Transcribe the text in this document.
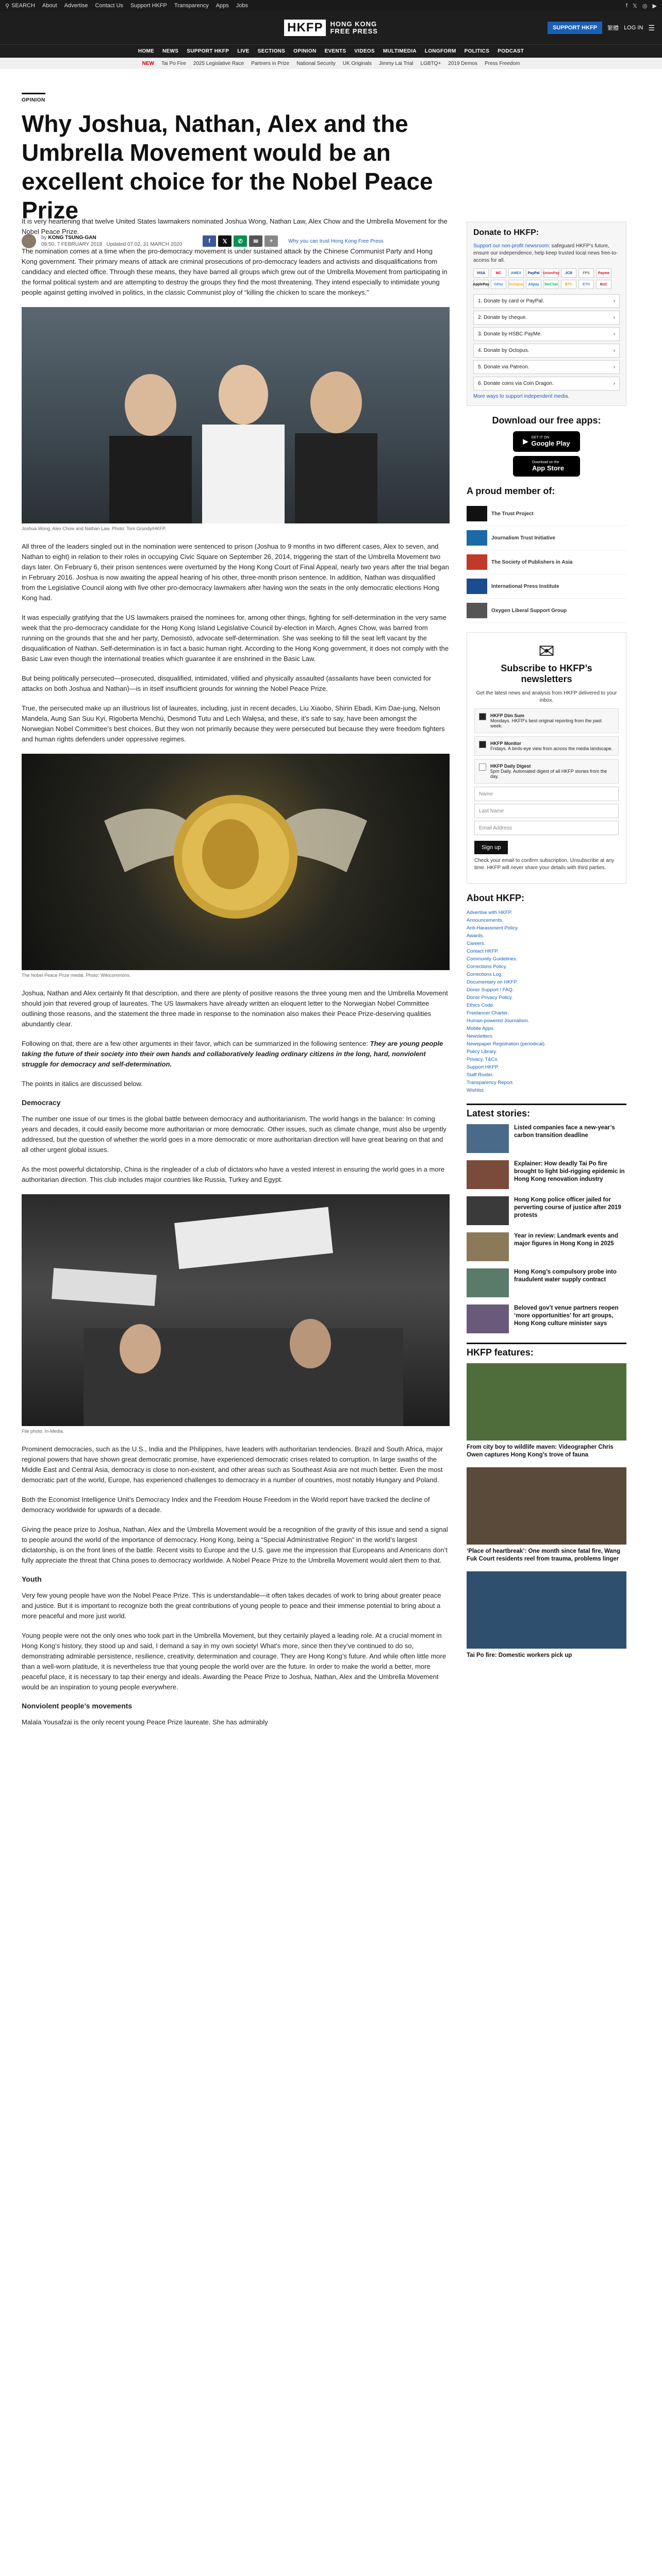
⚲ SEARCH About Advertise Contact Us Support HKFP Transparency Apps Jobs	f 𝕏 ◎ ▶
HKFP	HONG KONG
FREE PRESS	SUPPORT HKFP	繁體 LOG IN ☰
HOME NEWS SUPPORT HKFP LIVE SECTIONS OPINION EVENTS VIDEOS MULTIMEDIA LONGFORM POLITICS PODCAST
NEW Tai Po Fire 2025 Legislative Race Partners in Prize National Security UK Originals Jimmy Lai Trial LGBTQ+ 2019 Demos Press Freedom
OPINION
Why Joshua, Nathan, Alex and the Umbrella Movement would be an excellent choice for the Nobel Peace Prize
by KONG TSUNG-GAN
09:50, 7 FEBRUARY 2018 Updated 07:02, 31 MARCH 2020
f	𝕏	✆	✉	+	Why you can trust Hong Kong Free Press

It is very heartening that twelve United States lawmakers nominated Joshua Wong, Nathan Law, Alex Chow and the Umbrella Movement for the Nobel Peace Prize.

The nomination comes at a time when the pro-democracy movement is under sustained attack by the Chinese Communist Party and Hong Kong government. Their primary means of attack are criminal prosecutions of pro-democracy leaders and activists and disqualifications from candidacy and elected office. Through these means, they have barred all groups which grew out of the Umbrella Movement from participating in the formal political system and are attempting to destroy the groups they find the most threatening. They intend especially to intimidate young people against getting involved in politics, in the classic Communist ploy of “killing the chicken to scare the monkeys.”

Joshua Wong, Alex Chow and Nathan Law. Photo: Tom Grundy/HKFP.

All three of the leaders singled out in the nomination were sentenced to prison (Joshua to 9 months in two different cases, Alex to seven, and Nathan to eight) in relation to their roles in occupying Civic Square on September 26, 2014, triggering the start of the Umbrella Movement two days later. On February 6, their prison sentences were overturned by the Hong Kong Court of Final Appeal, nearly two years after the trial began in February 2016. Joshua is now awaiting the appeal hearing of his other, three-month prison sentence. In addition, Nathan was disqualified from the Legislative Council along with five other pro-democracy lawmakers after having won the seats in the only democratic elections Hong Kong had.

It was especially gratifying that the US lawmakers praised the nominees for, among other things, fighting for self-determination in the very same week that the pro-democracy candidate for the Hong Kong Island Legislative Council by-election in March, Agnes Chow, was barred from running on the grounds that she and her party, Demosistō, advocate self-determination. She was seeking to fill the seat left vacant by the disqualification of Nathan. Self-determination is in fact a basic human right. According to the Hong Kong government, it does not comply with the Basic Law even though the international treaties which guarantee it are enshrined in the Basic Law.

But being politically persecuted—prosecuted, disqualified, intimidated, vilified and physically assaulted (assailants have been convicted for attacks on both Joshua and Nathan)—is in itself insufficient grounds for winning the Nobel Peace Prize.

True, the persecuted make up an illustrious list of laureates, including, just in recent decades, Liu Xiaobo, Shirin Ebadi, Kim Dae-jung, Nelson Mandela, Aung San Suu Kyi, Rigoberta Menchú, Desmond Tutu and Lech Wałęsa, and these, it’s safe to say, have been amongst the Norwegian Nobel Committee’s best choices. But they won not primarily because they were persecuted but because they were freedom fighters and human rights defenders under oppressive regimes.

The Nobel Peace Prize medal. Photo: Wikicommons.

Joshua, Nathan and Alex certainly fit that description, and there are plenty of positive reasons the three young men and the Umbrella Movement should join that revered group of laureates. The US lawmakers have already written an eloquent letter to the Norwegian Nobel Committee outlining those reasons, and the statement the three made in response to the nomination also makes their Peace Prize-deserving qualities abundantly clear.

Following on that, there are a few other arguments in their favor, which can be summarized in the following sentence: They are young people taking the future of their society into their own hands and collaboratively leading ordinary citizens in the long, hard, nonviolent struggle for democracy and self-determination.

The points in italics are discussed below.

Democracy

The number one issue of our times is the global battle between democracy and authoritarianism. The world hangs in the balance: In coming years and decades, it could easily become more authoritarian or more democratic. Other issues, such as climate change, must also be urgently addressed, but the question of whether the world goes in a more democratic or more authoritarian direction will have great bearing on that and all other urgent global issues.

As the most powerful dictatorship, China is the ringleader of a club of dictators who have a vested interest in ensuring the world goes in a more authoritarian direction. This club includes major countries like Russia, Turkey and Egypt.

File photo: In-Media.

Prominent democracies, such as the U.S., India and the Philippines, have leaders with authoritarian tendencies. Brazil and South Africa, major regional powers that have shown great democratic promise, have experienced democratic crises related to corruption. In large swaths of the Middle East and Central Asia, democracy is close to non-existent, and other areas such as Southeast Asia are not much better. Even the most democratic part of the world, Europe, has experienced challenges to democracy in a number of countries, most notably Hungary and Poland.

Both the Economist Intelligence Unit’s Democracy Index and the Freedom House Freedom in the World report have tracked the decline of democracy worldwide for upwards of a decade.

Giving the peace prize to Joshua, Nathan, Alex and the Umbrella Movement would be a recognition of the gravity of this issue and send a signal to people around the world of the importance of democracy. Hong Kong, being a “Special Administrative Region” in the world’s largest dictatorship, is on the front lines of the battle. Recent visits to Europe and the U.S. gave me the impression that Europeans and Americans don’t fully appreciate the threat that China poses to democracy worldwide. A Nobel Peace Prize to the Umbrella Movement would alert them to that.

Youth

Very few young people have won the Nobel Peace Prize. This is understandable—it often takes decades of work to bring about greater peace and justice. But it is important to recognize both the great contributions of young people to peace and their immense potential to bring about a more peaceful and more just world.

Young people were not the only ones who took part in the Umbrella Movement, but they certainly played a leading role. At a crucial moment in Hong Kong’s history, they stood up and said, I demand a say in my own society! What’s more, since then they’ve continued to do so, demonstrating admirable persistence, resilience, creativity, determination and courage. They are Hong Kong’s future. And while often little more than a well-worn platitude, it is nevertheless true that young people the world over are the future. In order to make the world a better, more peaceful place, it is necessary to tap their energy and ideals. Awarding the Peace Prize to Joshua, Nathan, Alex and the Umbrella Movement would be an inspiration to young people everywhere.

Nonviolent people’s movements

Malala Yousafzai is the only recent young Peace Prize laureate. She has admirably

Donate to HKFP:
Support our non-profit newsroom: safeguard HKFP’s future, ensure our independence, help keep trusted local news free-to-access for all.
VISA	MC	AMEX	PayPal UnionPay	JCB	FPS	Payme
ApplePay	GPay	Octopus	Alipay	WeChat	BTC	ETH	BoC
1. Donate by card or PayPal.	›
2. Donate by cheque.	›
3. Donate by HSBC PayMe.	›
4. Donate by Octopus.	›
5. Donate via Patreon.	›
6. Donate coins via Coin Dragon.	›
More ways to support independent media.
Download our free apps:
▶ GET IT ON
Google Play
Download on the
App Store
A proud member of:
The Trust Project
Journalism Trust Initiative
The Society of Publishers in Asia
International Press Institute
Oxygen Liberal Support Group
✉
Subscribe to HKFP’s newsletters
Get the latest news and analysis from HKFP delivered to your inbox.
HKFP Dim Sum
Mondays. HKFP’s best original reporting from the past week.
HKFP Monitor
Fridays. A birds-eye view from across the media landscape.
HKFP Daily Digest
5pm Daily. Automated digest of all HKFP stories from the day.
Name
Last Name
Email Address
Sign up
Check your email to confirm subscription. Unsubscribe at any time. HKFP will never share your details with third parties.
About HKFP:
Advertise with HKFP.
Announcements.
Anti-Harassment Policy.
Awards.
Careers.
Contact HKFP.
Community Guidelines.
Corrections Policy.
Corrections Log.
Documentary on HKFP.
Donor Support / FAQ.
Donor Privacy Policy.
Ethics Code.
Freelancer Charter.
Human-powered Journalism.
Mobile Apps.
Newsletters.
Newspaper Registration (periodical).
Policy Library.
Privacy, T&Cs.
Support HKFP.
Staff Roster.
Transparency Report.
Wishlist.
Latest stories:
Listed companies face a new-year’s carbon transition deadline
Explainer: How deadly Tai Po fire brought to light bid-rigging epidemic in Hong Kong renovation industry
Hong Kong police officer jailed for perverting course of justice after 2019 protests
Year in review: Landmark events and major figures in Hong Kong in 2025
Hong Kong’s compulsory probe into fraudulent water supply contract
Beloved gov’t venue partners reopen ‘more opportunities’ for art groups, Hong Kong culture minister says
HKFP features:
From city boy to wildlife maven: Videographer Chris Owen captures Hong Kong’s trove of fauna
‘Place of heartbreak’: One month since fatal fire, Wang Fuk Court residents reel from trauma, problems linger
Tai Po fire: Domestic workers pick up
